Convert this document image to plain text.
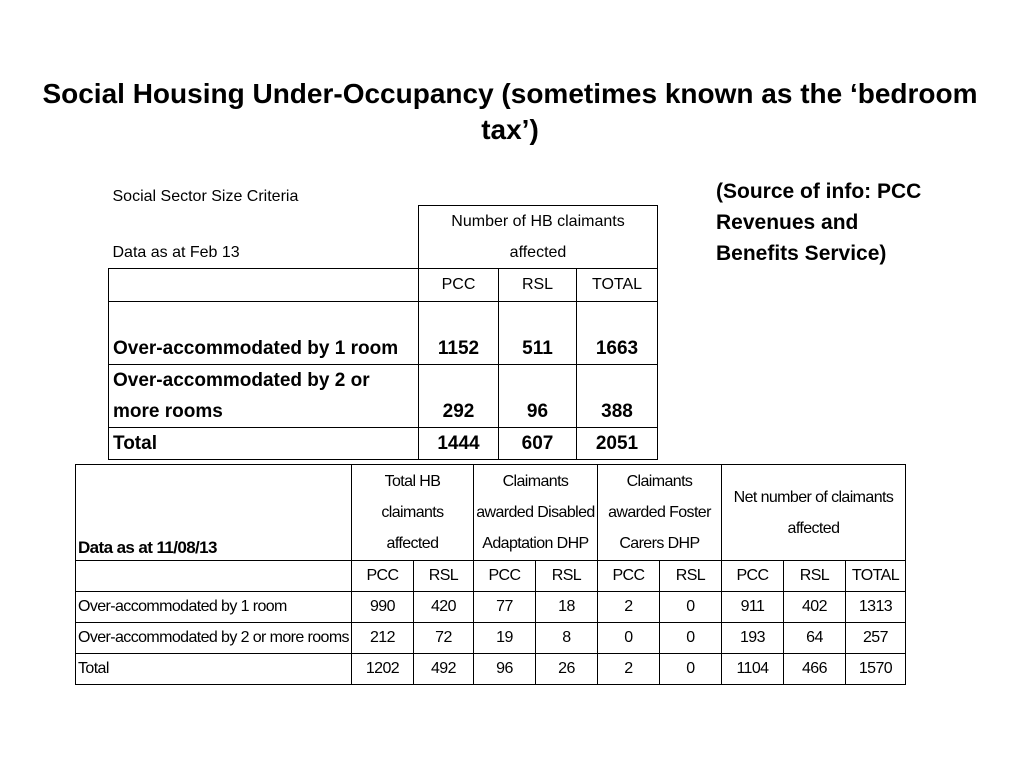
Social Housing Under-Occupancy (sometimes known as the ‘bedroom tax’)
(Source of info: PCC Revenues and Benefits Service)
Social Sector Size Criteria			
Data as at Feb 13	Number of HB claimants affected		
	PCC	RSL	TOTAL
Over-accommodated by 1 room	1152	511	1663
Over-accommodated by 2 or more rooms	292	96	388
Total	1444	607	2051
Data as at 11/08/13	Total HB claimants affected		Claimants awarded Disabled Adaptation DHP		Claimants awarded Foster Carers DHP		Net number of claimants affected		
	PCC	RSL	PCC	RSL	PCC	RSL	PCC	RSL	TOTAL
Over-accommodated by 1 room	990	420	77	18	2	0	911	402	1313
Over-accommodated by 2 or more rooms	212	72	19	8	0	0	193	64	257
Total	1202	492	96	26	2	0	1104	466	1570
